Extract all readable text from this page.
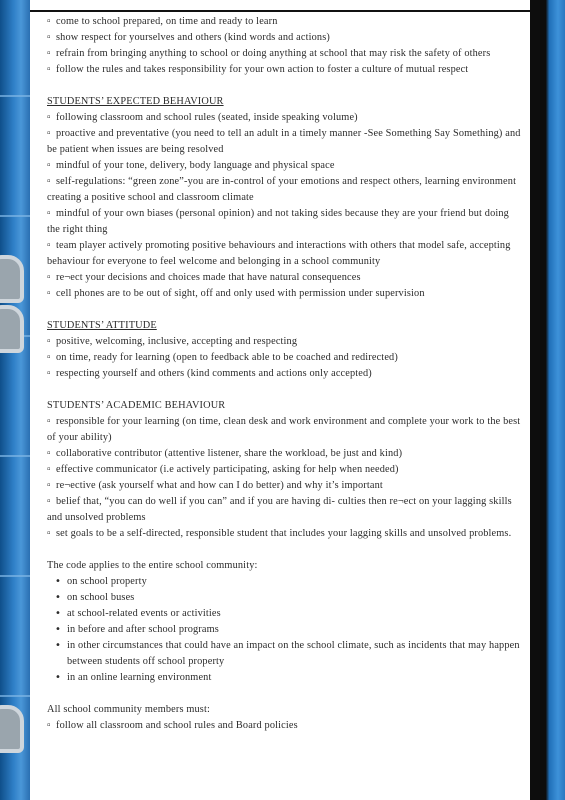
▫ come to school prepared, on time and ready to learn
▫ show respect for yourselves and others (kind words and actions)
▫ refrain from bringing anything to school or doing anything at school that may risk the safety of others
▫ follow the rules and takes responsibility for your own action to foster a culture of mutual respect
STUDENTS’ EXPECTED BEHAVIOUR
▫ following classroom and school rules (seated, inside speaking volume)
▫ proactive and preventative (you need to tell an adult in a timely manner -See Something Say Something) and be patient when issues are being resolved
▫ mindful of your tone, delivery, body language and physical space
▫ self-regulations: “green zone”-you are in-control of your emotions and respect others, learning environment creating a positive school and classroom climate
▫ mindful of your own biases (personal opinion) and not taking sides because they are your friend but doing the right thing
▫ team player actively promoting positive behaviours and interactions with others that model safe, accepting behaviour for everyone to feel welcome and belonging in a school community
▫ re¬ect your decisions and choices made that have natural consequences
▫ cell phones are to be out of sight, off and only used with permission under supervision
STUDENTS’ ATTITUDE
▫ positive, welcoming, inclusive, accepting and respecting
▫ on time, ready for learning (open to feedback able to be coached and redirected)
▫ respecting yourself and others (kind comments and actions only accepted)
STUDENTS’ ACADEMIC BEHAVIOUR
▫ responsible for your learning (on time, clean desk and work environment and complete your work to the best of your ability)
▫ collaborative contributor (attentive listener, share the workload, be just and kind)
▫ effective communicator (i.e actively participating, asking for help when needed)
▫ re¬ective (ask yourself what and how can I do better) and why it’s important
▫ belief that, “you can do well if you can” and if you are having di- culties then re¬ect on your lagging skills and unsolved problems
▫ set goals to be a self-directed, responsible student that includes your lagging skills and unsolved problems.
The code applies to the entire school community:
• on school property
• on school buses
• at school-related events or activities
• in before and after school programs
• in other circumstances that could have an impact on the school climate, such as incidents that may happen between students off school property
• in an online learning environment
All school community members must:
▫ follow all classroom and school rules and Board policies
